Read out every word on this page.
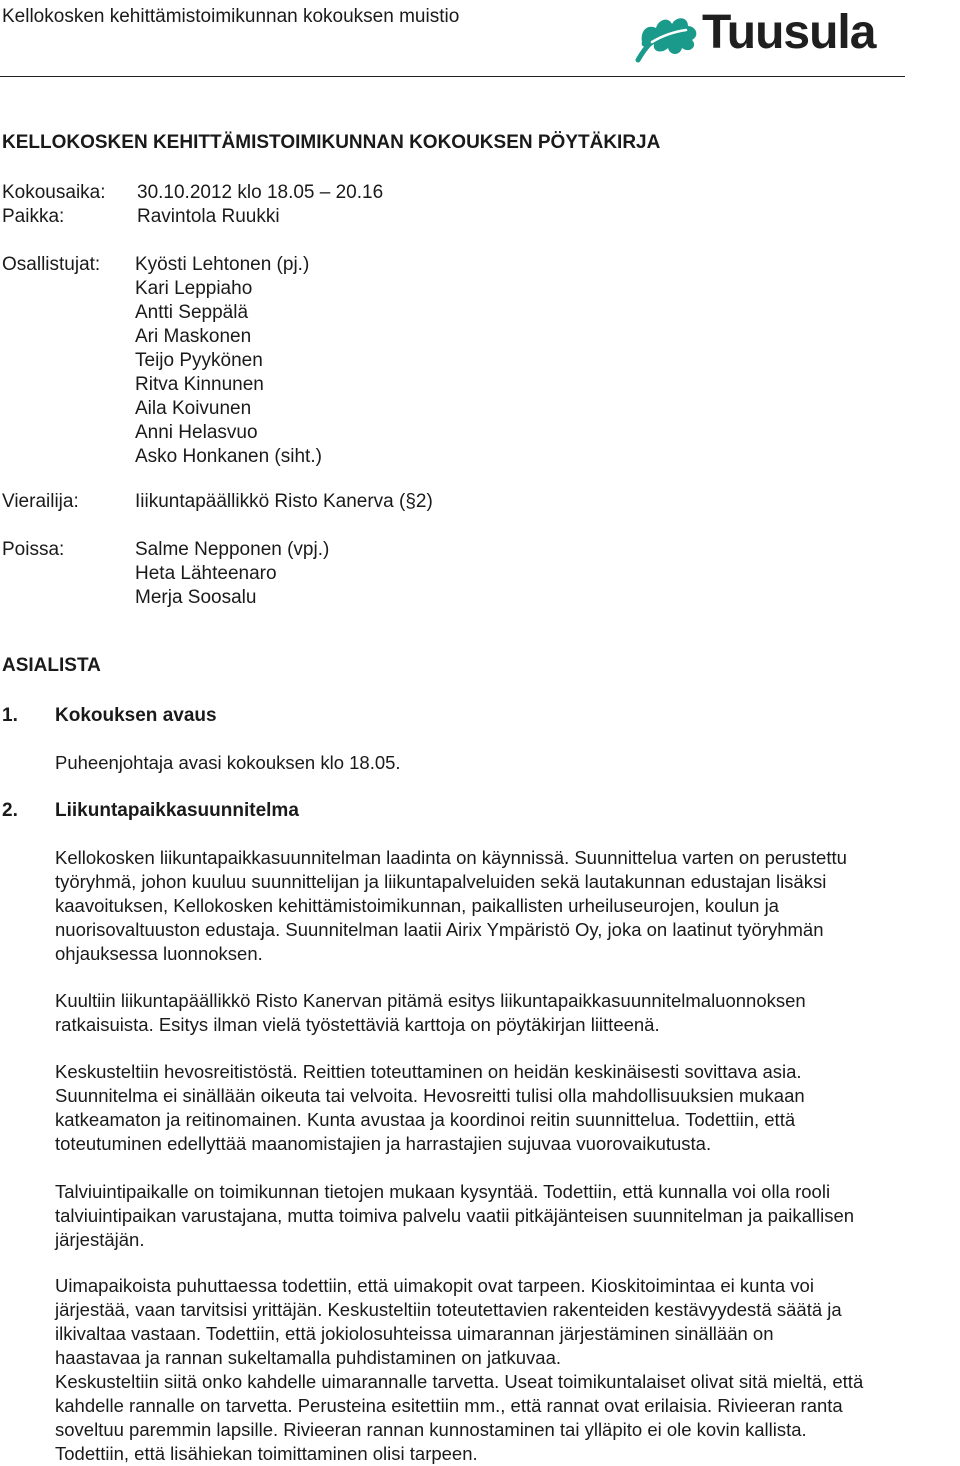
Kellokosken kehittämistoimikunnan kokouksen muistio	Tuusula
KELLOKOSKEN KEHITTÄMISTOIMIKUNNAN KOKOUKSEN PÖYTÄKIRJA
Kokousaika: 30.10.2012 klo 18.05 – 20.16
Paikka:	Ravintola Ruukki
Osallistujat: Kyösti Lehtonen (pj.)
Kari Leppiaho
Antti Seppälä
Ari Maskonen
Teijo Pyykönen
Ritva Kinnunen
Aila Koivunen
Anni Helasvuo
Asko Honkanen (siht.)
Vierailija:	Iiikuntapäällikkö Risto Kanerva (§2)
Poissa:	Salme Nepponen (vpj.)
Heta Lähteenaro
Merja Soosalu
ASIALISTA
1. Kokouksen avaus
Puheenjohtaja avasi kokouksen klo 18.05.
2. Liikuntapaikkasuunnitelma
Kellokosken liikuntapaikkasuunnitelman laadinta on käynnissä. Suunnittelua varten on perustettu
työryhmä, johon kuuluu suunnittelijan ja liikuntapalveluiden sekä lautakunnan edustajan lisäksi
kaavoituksen, Kellokosken kehittämistoimikunnan, paikallisten urheiluseurojen, koulun ja
nuorisovaltuuston edustaja. Suunnitelman laatii Airix Ympäristö Oy, joka on laatinut työryhmän
ohjauksessa luonnoksen.
Kuultiin liikuntapäällikkö Risto Kanervan pitämä esitys liikuntapaikkasuunnitelmaluonnoksen
ratkaisuista. Esitys ilman vielä työstettäviä karttoja on pöytäkirjan liitteenä.
Keskusteltiin hevosreitistöstä. Reittien toteuttaminen on heidän keskinäisesti sovittava asia.
Suunnitelma ei sinällään oikeuta tai velvoita. Hevosreitti tulisi olla mahdollisuuksien mukaan
katkeamaton ja reitinomainen. Kunta avustaa ja koordinoi reitin suunnittelua. Todettiin, että
toteutuminen edellyttää maanomistajien ja harrastajien sujuvaa vuorovaikutusta.
Talviuintipaikalle on toimikunnan tietojen mukaan kysyntää. Todettiin, että kunnalla voi olla rooli
talviuintipaikan varustajana, mutta toimiva palvelu vaatii pitkäjänteisen suunnitelman ja paikallisen
järjestäjän.
Uimapaikoista puhuttaessa todettiin, että uimakopit ovat tarpeen. Kioskitoimintaa ei kunta voi
järjestää, vaan tarvitsisi yrittäjän. Keskusteltiin toteutettavien rakenteiden kestävyydestä säätä ja
ilkivaltaa vastaan. Todettiin, että jokiolosuhteissa uimarannan järjestäminen sinällään on
haastavaa ja rannan sukeltamalla puhdistaminen on jatkuvaa.
Keskusteltiin siitä onko kahdelle uimarannalle tarvetta. Useat toimikuntalaiset olivat sitä mieltä, että
kahdelle rannalle on tarvetta. Perusteina esitettiin mm., että rannat ovat erilaisia. Rivieeran ranta
soveltuu paremmin lapsille. Rivieeran rannan kunnostaminen tai ylläpito ei ole kovin kallista.
Todettiin, että lisähiekan toimittaminen olisi tarpeen.
